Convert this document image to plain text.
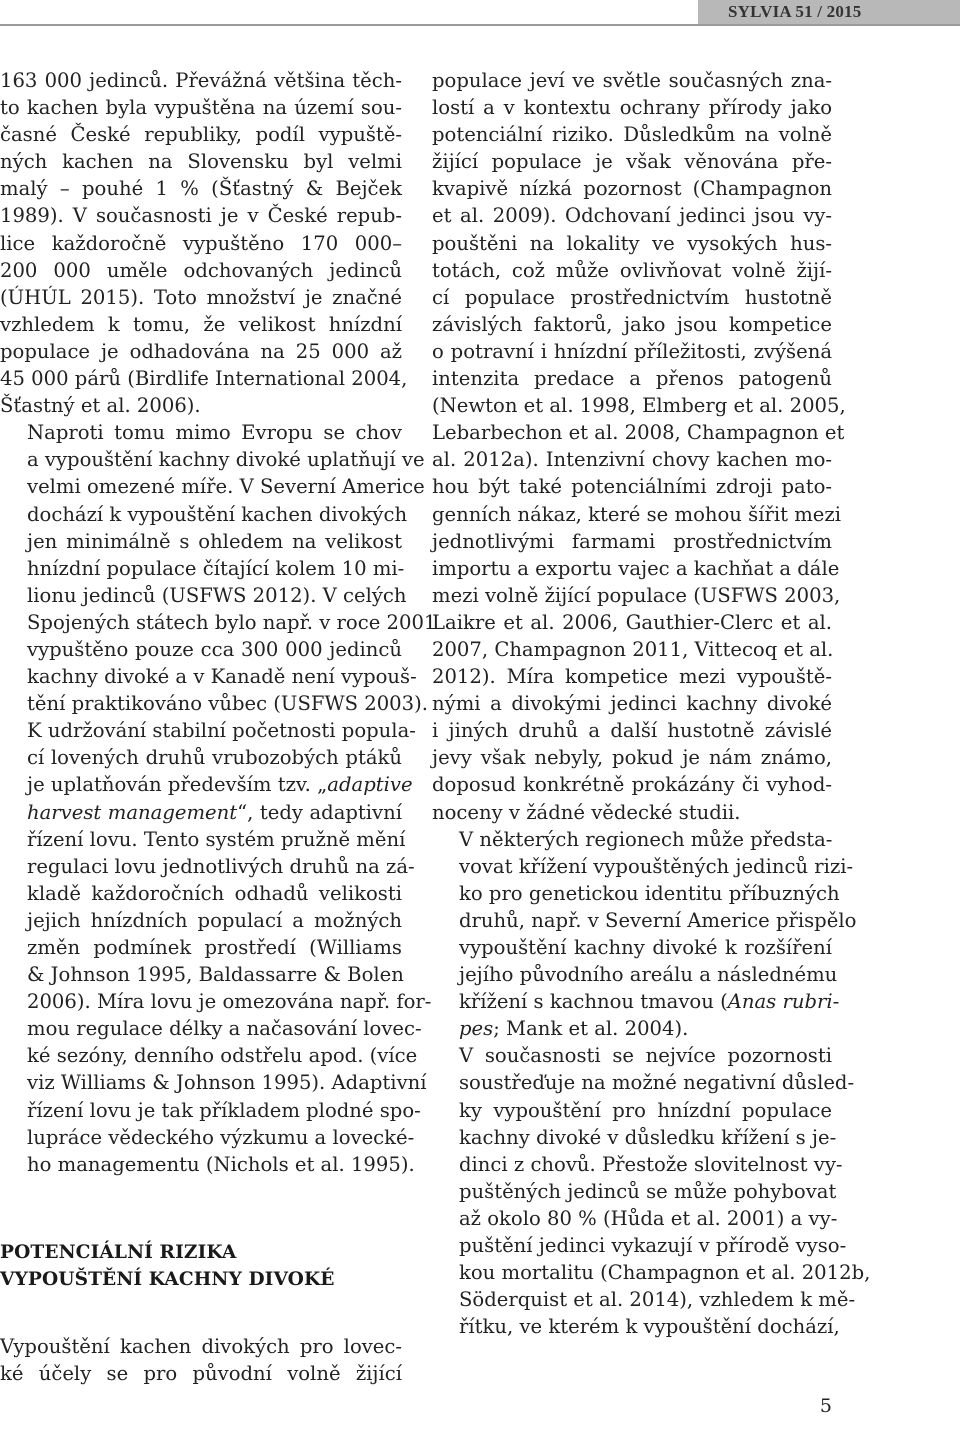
SYLVIA 51 / 2015

163 000 jedinců. Převážná většina těch-
to kachen byla vypuštěna na území sou-
časné České republiky, podíl vypuště-
ných kachen na Slovensku byl velmi
malý – pouhé 1 % (Šťastný & Bejček
1989). V současnosti je v České repub-
lice každoročně vypuštěno 170 000–
200 000 uměle odchovaných jedinců
(ÚHÚL 2015). Toto množství je značné
vzhledem k tomu, že velikost hnízdní
populace je odhadována na 25 000 až
45 000 párů (Birdlife International 2004,
Šťastný et al. 2006).

Naproti tomu mimo Evropu se chov
a vypouštění kachny divoké uplatňují ve
velmi omezené míře. V Severní Americe
dochází k vypouštění kachen divokých
jen minimálně s ohledem na velikost
hnízdní populace čítající kolem 10 mi-
lionu jedinců (USFWS 2012). V celých
Spojených státech bylo např. v roce 2001
vypuštěno pouze cca 300 000 jedinců
kachny divoké a v Kanadě není vypouš-
tění praktikováno vůbec (USFWS 2003).
K udržování stabilní početnosti popula-
cí lovených druhů vrubozobých ptáků
je uplatňován především tzv. „adaptive
harvest management“, tedy adaptivní
řízení lovu. Tento systém pružně mění
regulaci lovu jednotlivých druhů na zá-
kladě každoročních odhadů velikosti
jejich hnízdních populací a možných
změn podmínek prostředí (Williams
& Johnson 1995, Baldassarre & Bolen
2006). Míra lovu je omezována např. for-
mou regulace délky a načasování lovec-
ké sezóny, denního odstřelu apod. (více
viz Williams & Johnson 1995). Adaptivní
řízení lovu je tak příkladem plodné spo-
lupráce vědeckého výzkumu a lovecké-
ho managementu (Nichols et al. 1995).

POTENCIÁLNÍ RIZIKA
VYPOUŠTĚNÍ KACHNY DIVOKÉ

Vypouštění kachen divokých pro lovec-
ké účely se pro původní volně žijící

populace jeví ve světle současných zna-
lostí a v kontextu ochrany přírody jako
potenciální riziko. Důsledkům na volně
žijící populace je však věnována pře-
kvapivě nízká pozornost (Champagnon
et al. 2009). Odchovaní jedinci jsou vy-
pouštěni na lokality ve vysokých hus-
totách, což může ovlivňovat volně žijí-
cí populace prostřednictvím hustotně
závislých faktorů, jako jsou kompetice
o potravní i hnízdní příležitosti, zvýšená
intenzita predace a přenos patogenů
(Newton et al. 1998, Elmberg et al. 2005,
Lebarbechon et al. 2008, Champagnon et
al. 2012a). Intenzivní chovy kachen mo-
hou být také potenciálními zdroji pato-
genních nákaz, které se mohou šířit mezi
jednotlivými farmami prostřednictvím
importu a exportu vajec a kachňat a dále
mezi volně žijící populace (USFWS 2003,
Laikre et al. 2006, Gauthier-Clerc et al.
2007, Champagnon 2011, Vittecoq et al.
2012). Míra kompetice mezi vypouště-
nými a divokými jedinci kachny divoké
i jiných druhů a další hustotně závislé
jevy však nebyly, pokud je nám známo,
doposud konkrétně prokázány či vyhod-
noceny v žádné vědecké studii.

V některých regionech může předsta-
vovat křížení vypouštěných jedinců rizi-
ko pro genetickou identitu příbuzných
druhů, např. v Severní Americe přispělo
vypouštění kachny divoké k rozšíření
jejího původního areálu a následnému
křížení s kachnou tmavou (Anas rubri-
pes; Mank et al. 2004).

V současnosti se nejvíce pozornosti
soustřeďuje na možné negativní důsled-
ky vypouštění pro hnízdní populace
kachny divoké v důsledku křížení s je-
dinci z chovů. Přestože slovitelnost vy-
puštěných jedinců se může pohybovat
až okolo 80 % (Hůda et al. 2001) a vy-
puštění jedinci vykazují v přírodě vyso-
kou mortalitu (Champagnon et al. 2012b,
Söderquist et al. 2014), vzhledem k mě-
řítku, ve kterém k vypouštění dochází,

5
